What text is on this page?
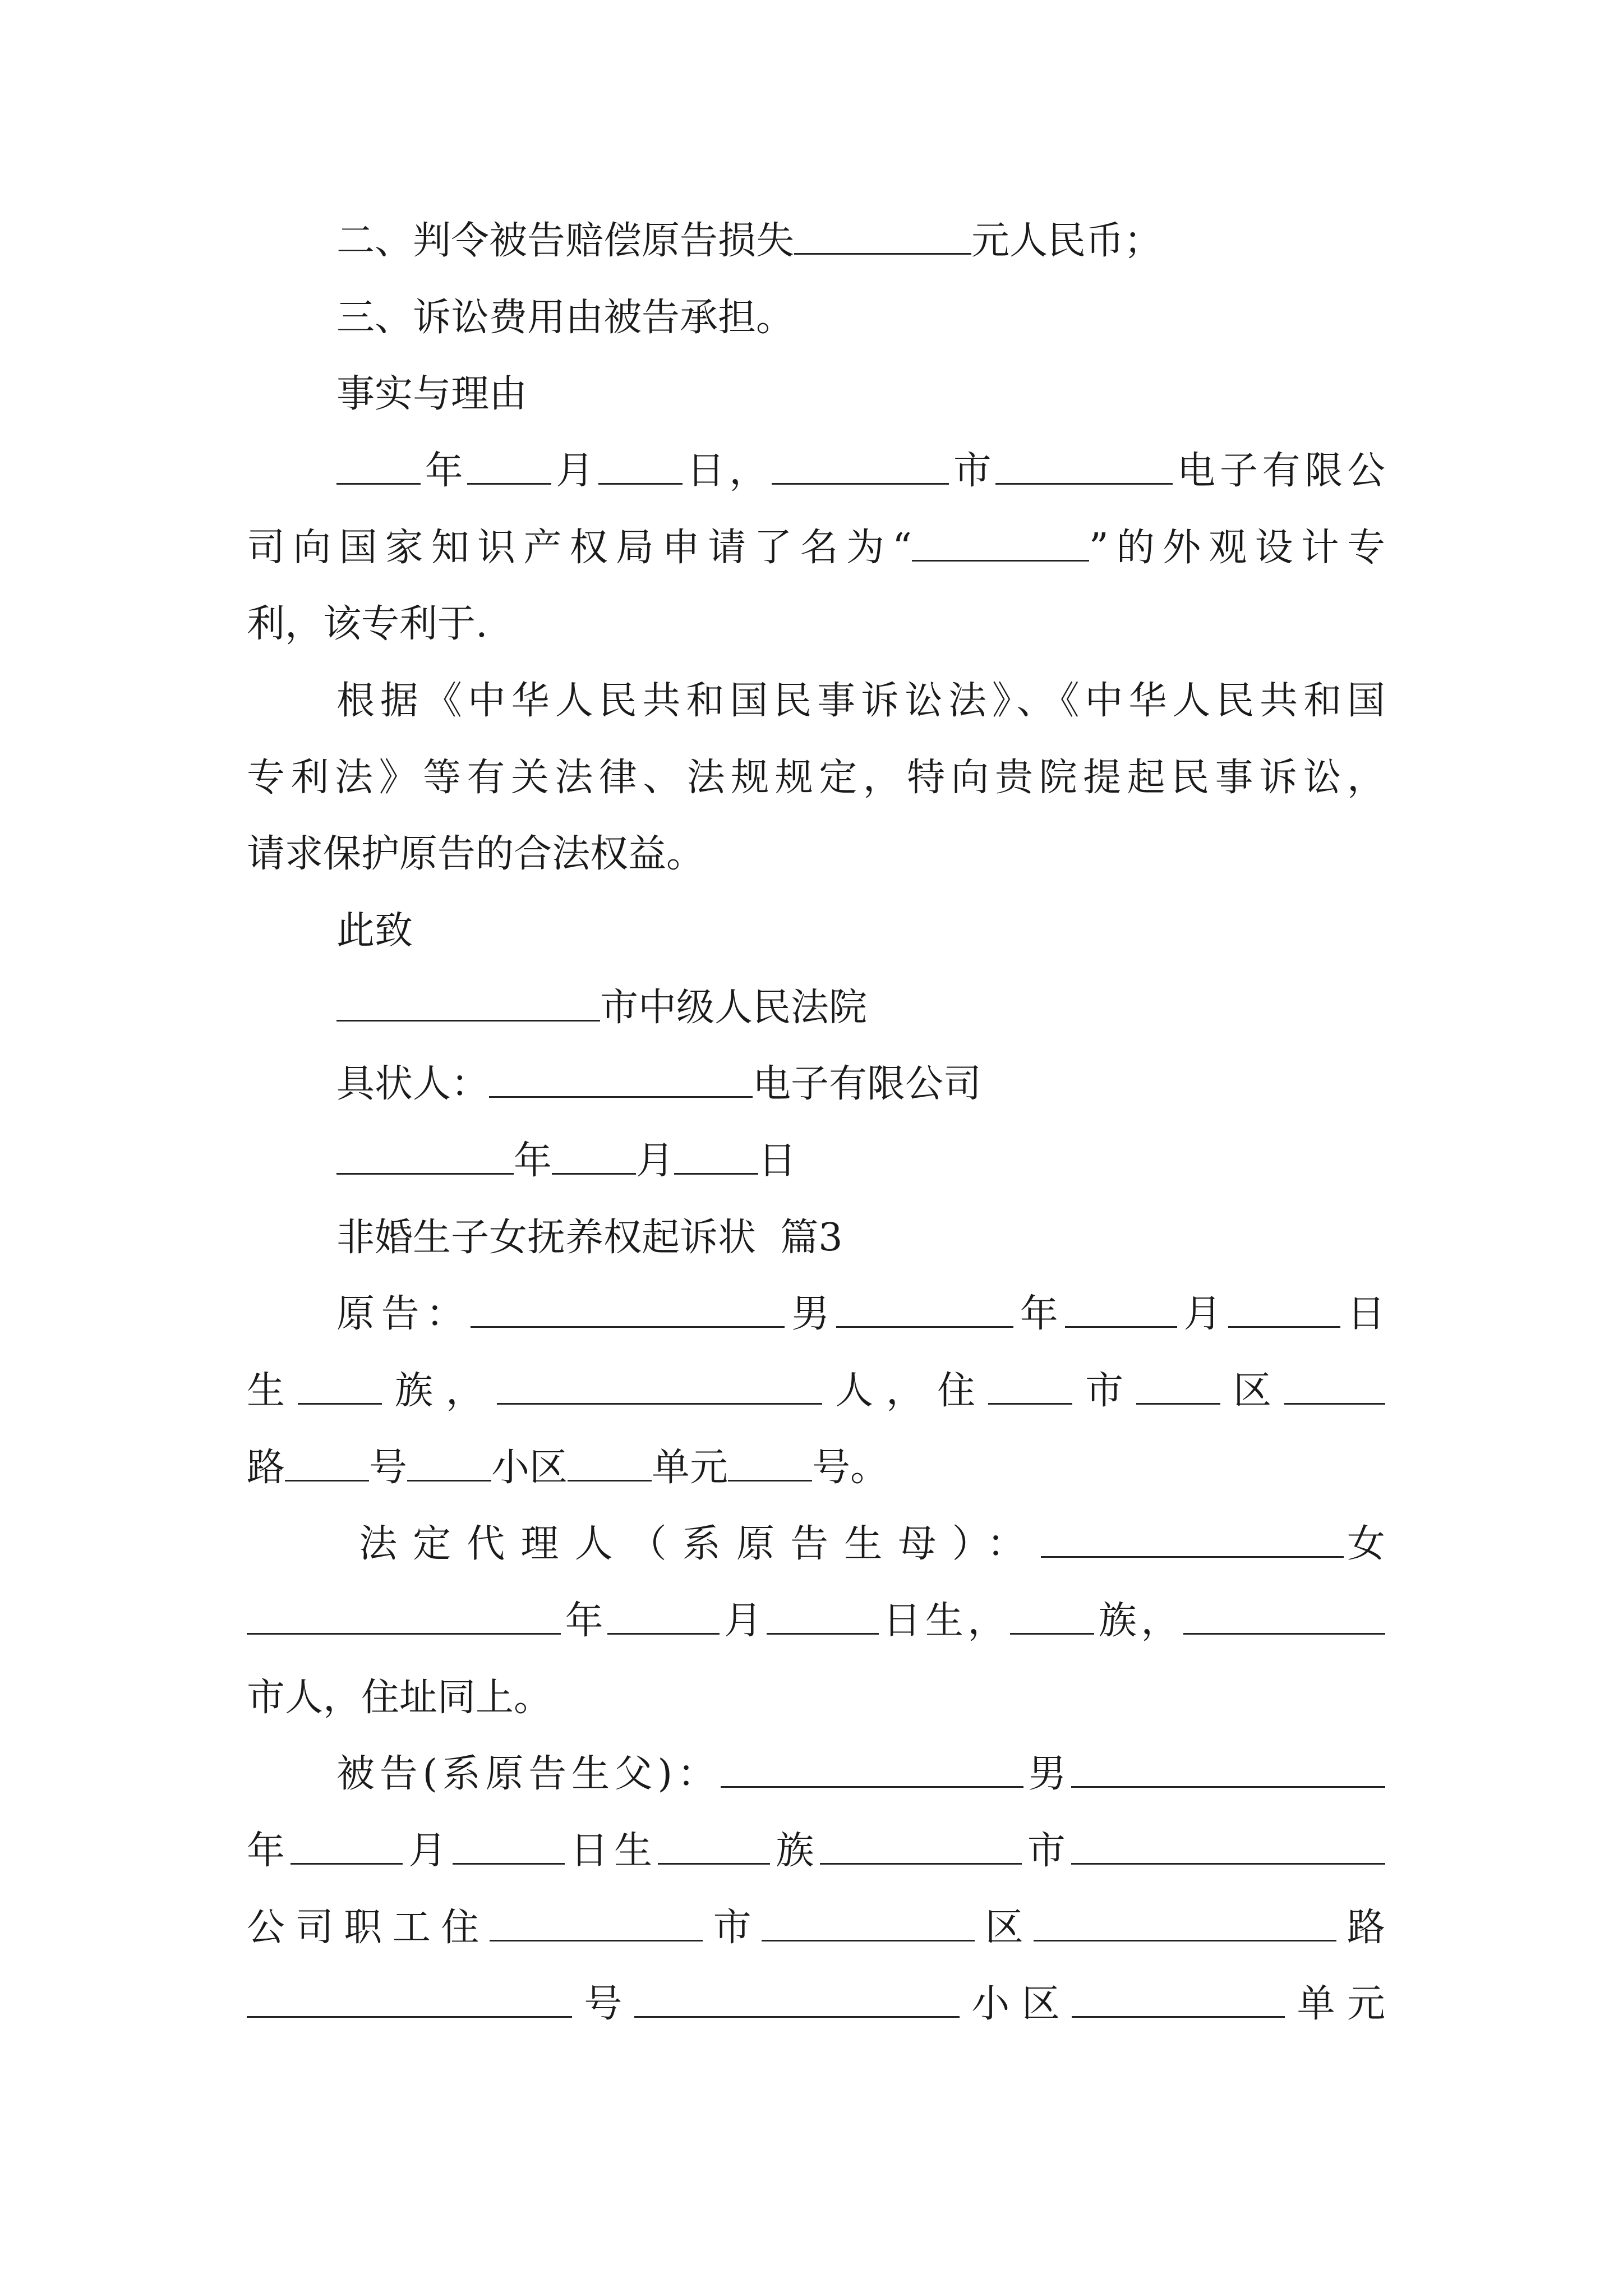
二、判令被告赔偿原告损失	元人民币；
三、诉讼费用由被告承担。
事实与理由
年 月 日，	市	电子有限公
司向国家知识产权局申请了名为“	”的外观设计专
利，该专利于.
根据《中华人民共和国民事诉讼法》、《中华人民共和国
专利法》等有关法律、法规规定，特向贵院提起民事诉讼，
请求保护原告的合法权益。
此致
市中级人民法院
具状人：	电子有限公司
年 月 日
非婚生子女抚养权起诉状  篇3
原告：	男	年	月	日
生 族，	人，住 市 区
路 号 小区 单元 号。
法定代理人（系原告生母）：	女
年	月	日生， 族，
市人，住址同上。
被告(系原告生父)：	男
年	月	日生	族	市
公司职工住	市	区	路
号	小区	单元
